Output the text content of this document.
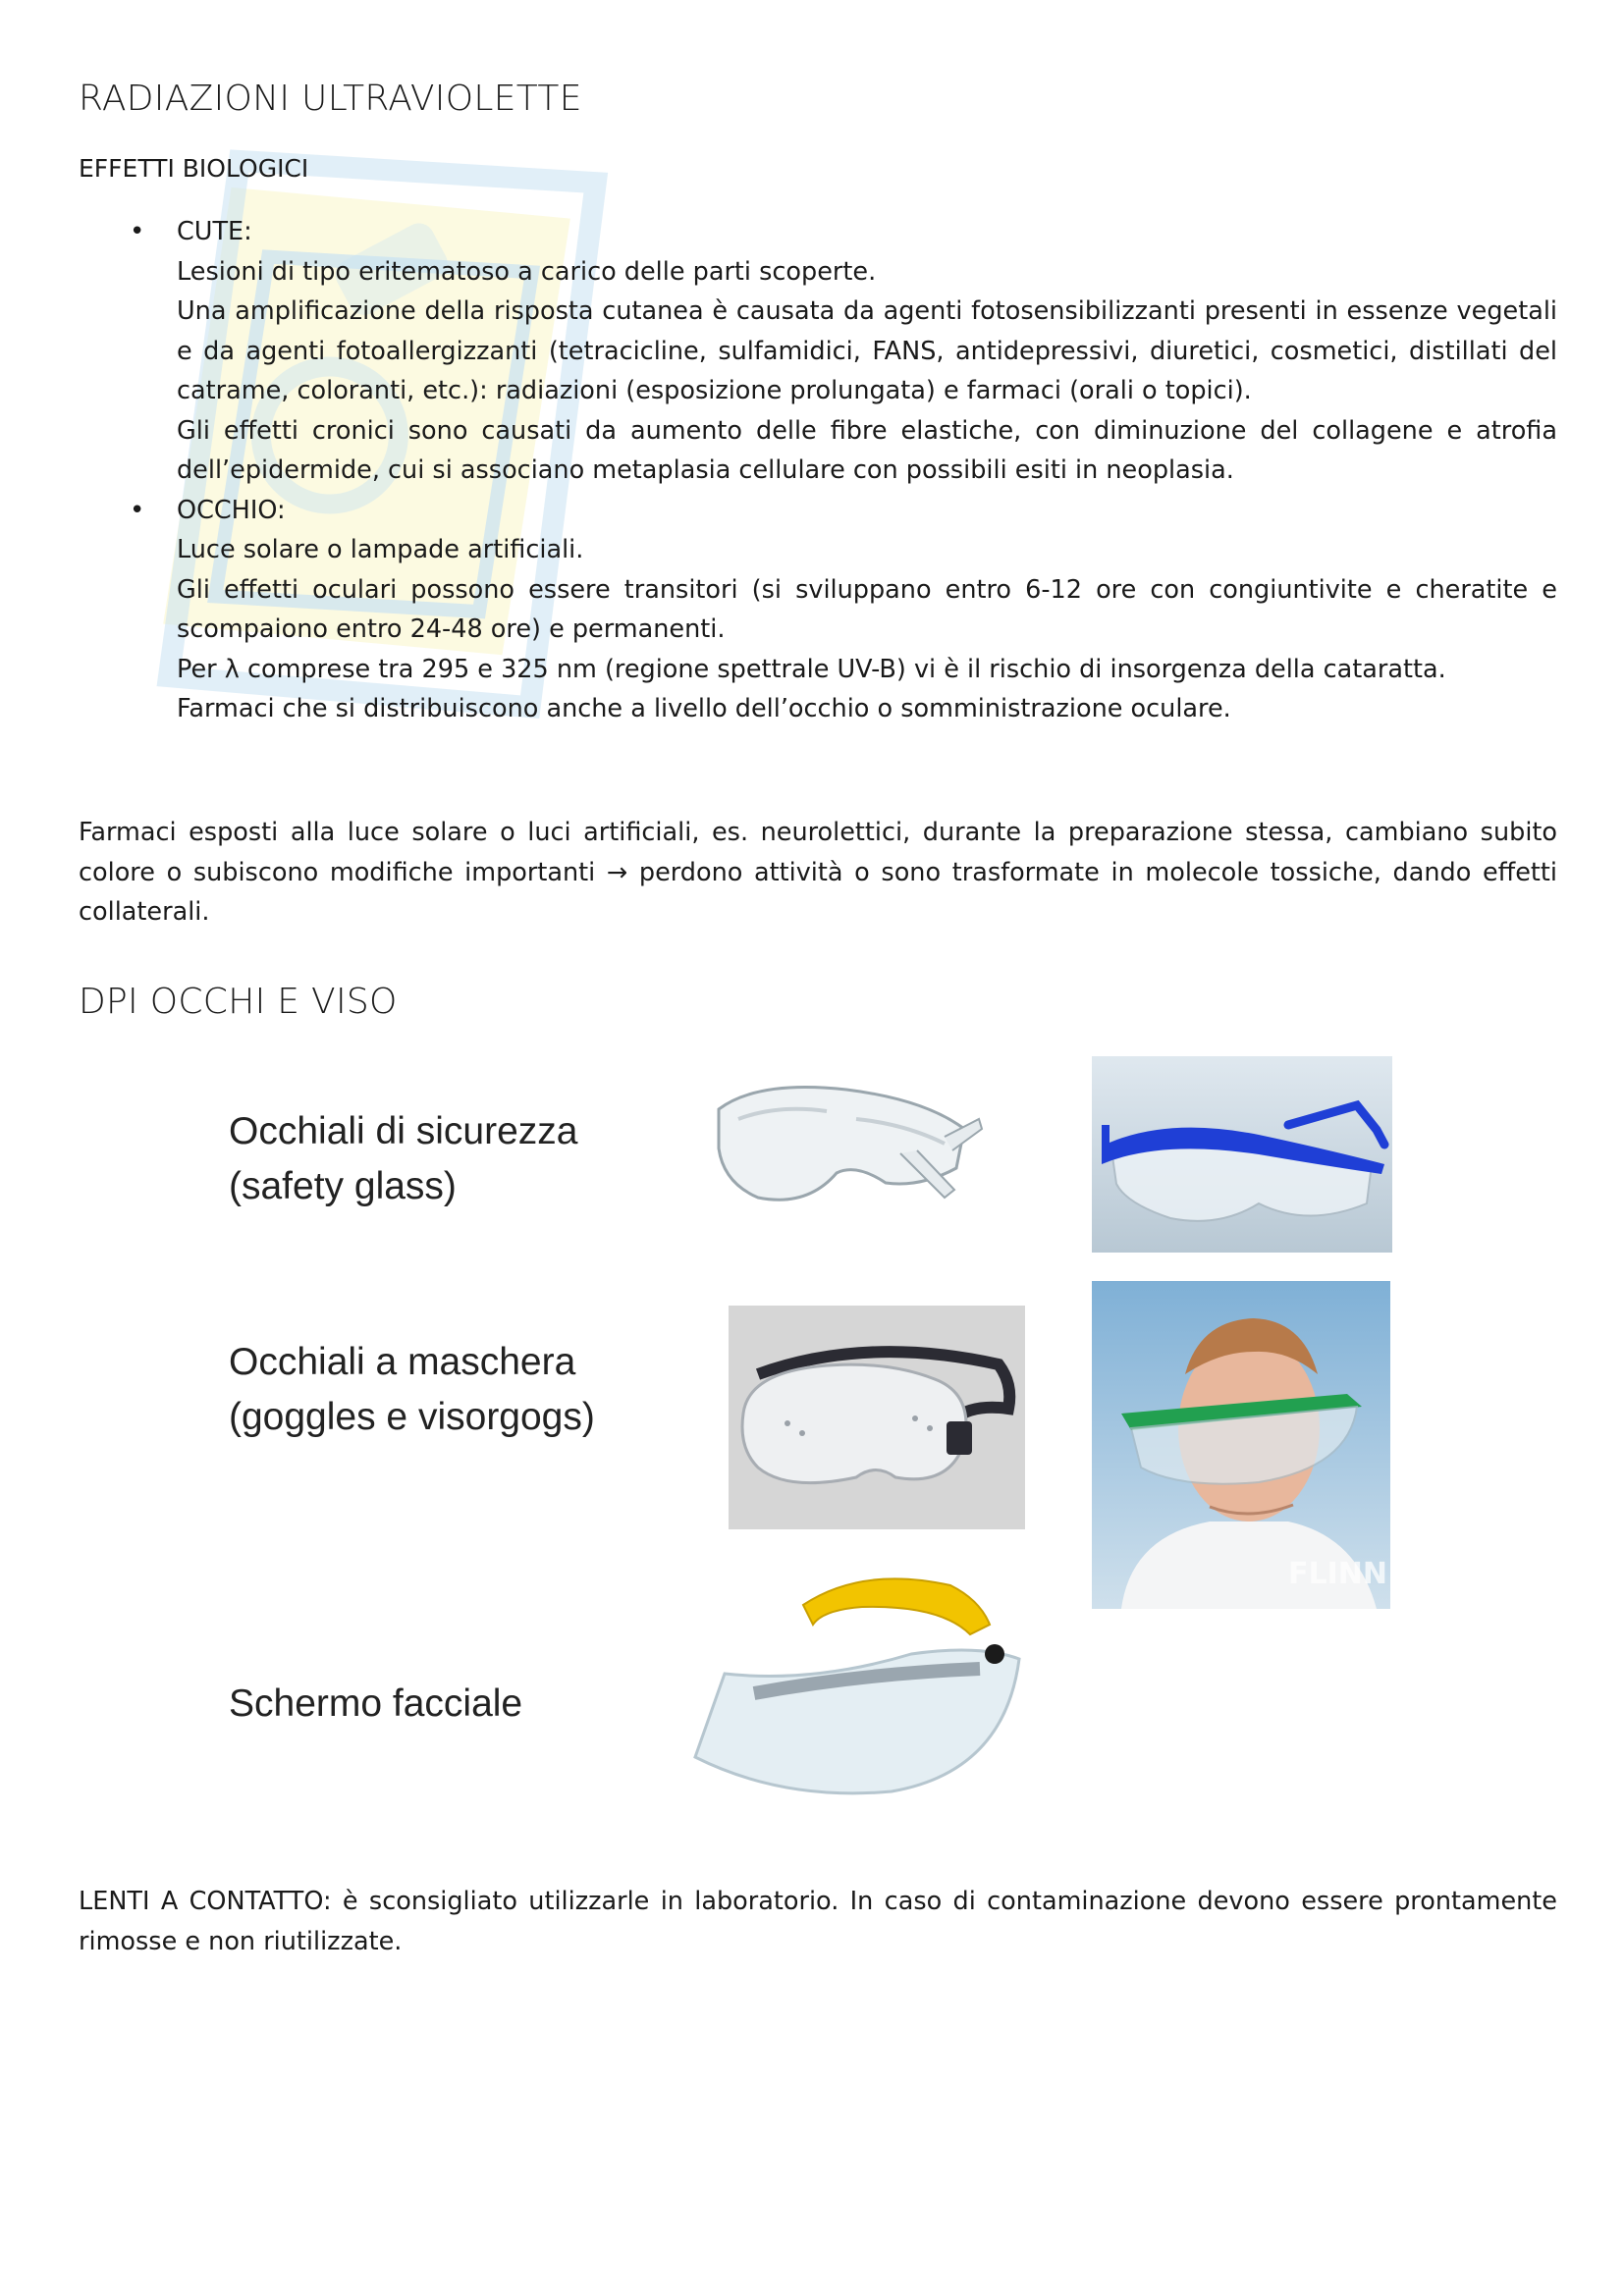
RADIAZIONI ULTRAVIOLETTE
EFFETTI BIOLOGICI
• CUTE:
Lesioni di tipo eritematoso a carico delle parti scoperte.
Una amplificazione della risposta cutanea è causata da agenti fotosensibilizzanti presenti in essenze vegetali e da agenti fotoallergizzanti (tetracicline, sulfamidici, FANS, antidepressivi, diuretici, cosmetici, distillati del catrame, coloranti, etc.): radiazioni (esposizione prolungata) e farmaci (orali o topici).
Gli effetti cronici sono causati da aumento delle fibre elastiche, con diminuzione del collagene e atrofia dell’epidermide, cui si associano metaplasia cellulare con possibili esiti in neoplasia.
• OCCHIO:
Luce solare o lampade artificiali.
Gli effetti oculari possono essere transitori (si sviluppano entro 6-12 ore con congiuntivite e cheratite e scompaiono entro 24-48 ore) e permanenti.
Per λ comprese tra 295 e 325 nm (regione spettrale UV-B) vi è il rischio di insorgenza della cataratta.
Farmaci che si distribuiscono anche a livello dell’occhio o somministrazione oculare.
Farmaci esposti alla luce solare o luci artificiali, es. neurolettici, durante la preparazione stessa, cambiano subito colore o subiscono modifiche importanti → perdono attività o sono trasformate in molecole tossiche, dando effetti collaterali.
DPI OCCHI E VISO
Occhiali di sicurezza
(safety glass)
Occhiali a maschera
(goggles e visorgogs)
Schermo facciale
FLINN
LENTI A CONTATTO: è sconsigliato utilizzarle in laboratorio. In caso di contaminazione devono essere prontamente rimosse e non riutilizzate.
